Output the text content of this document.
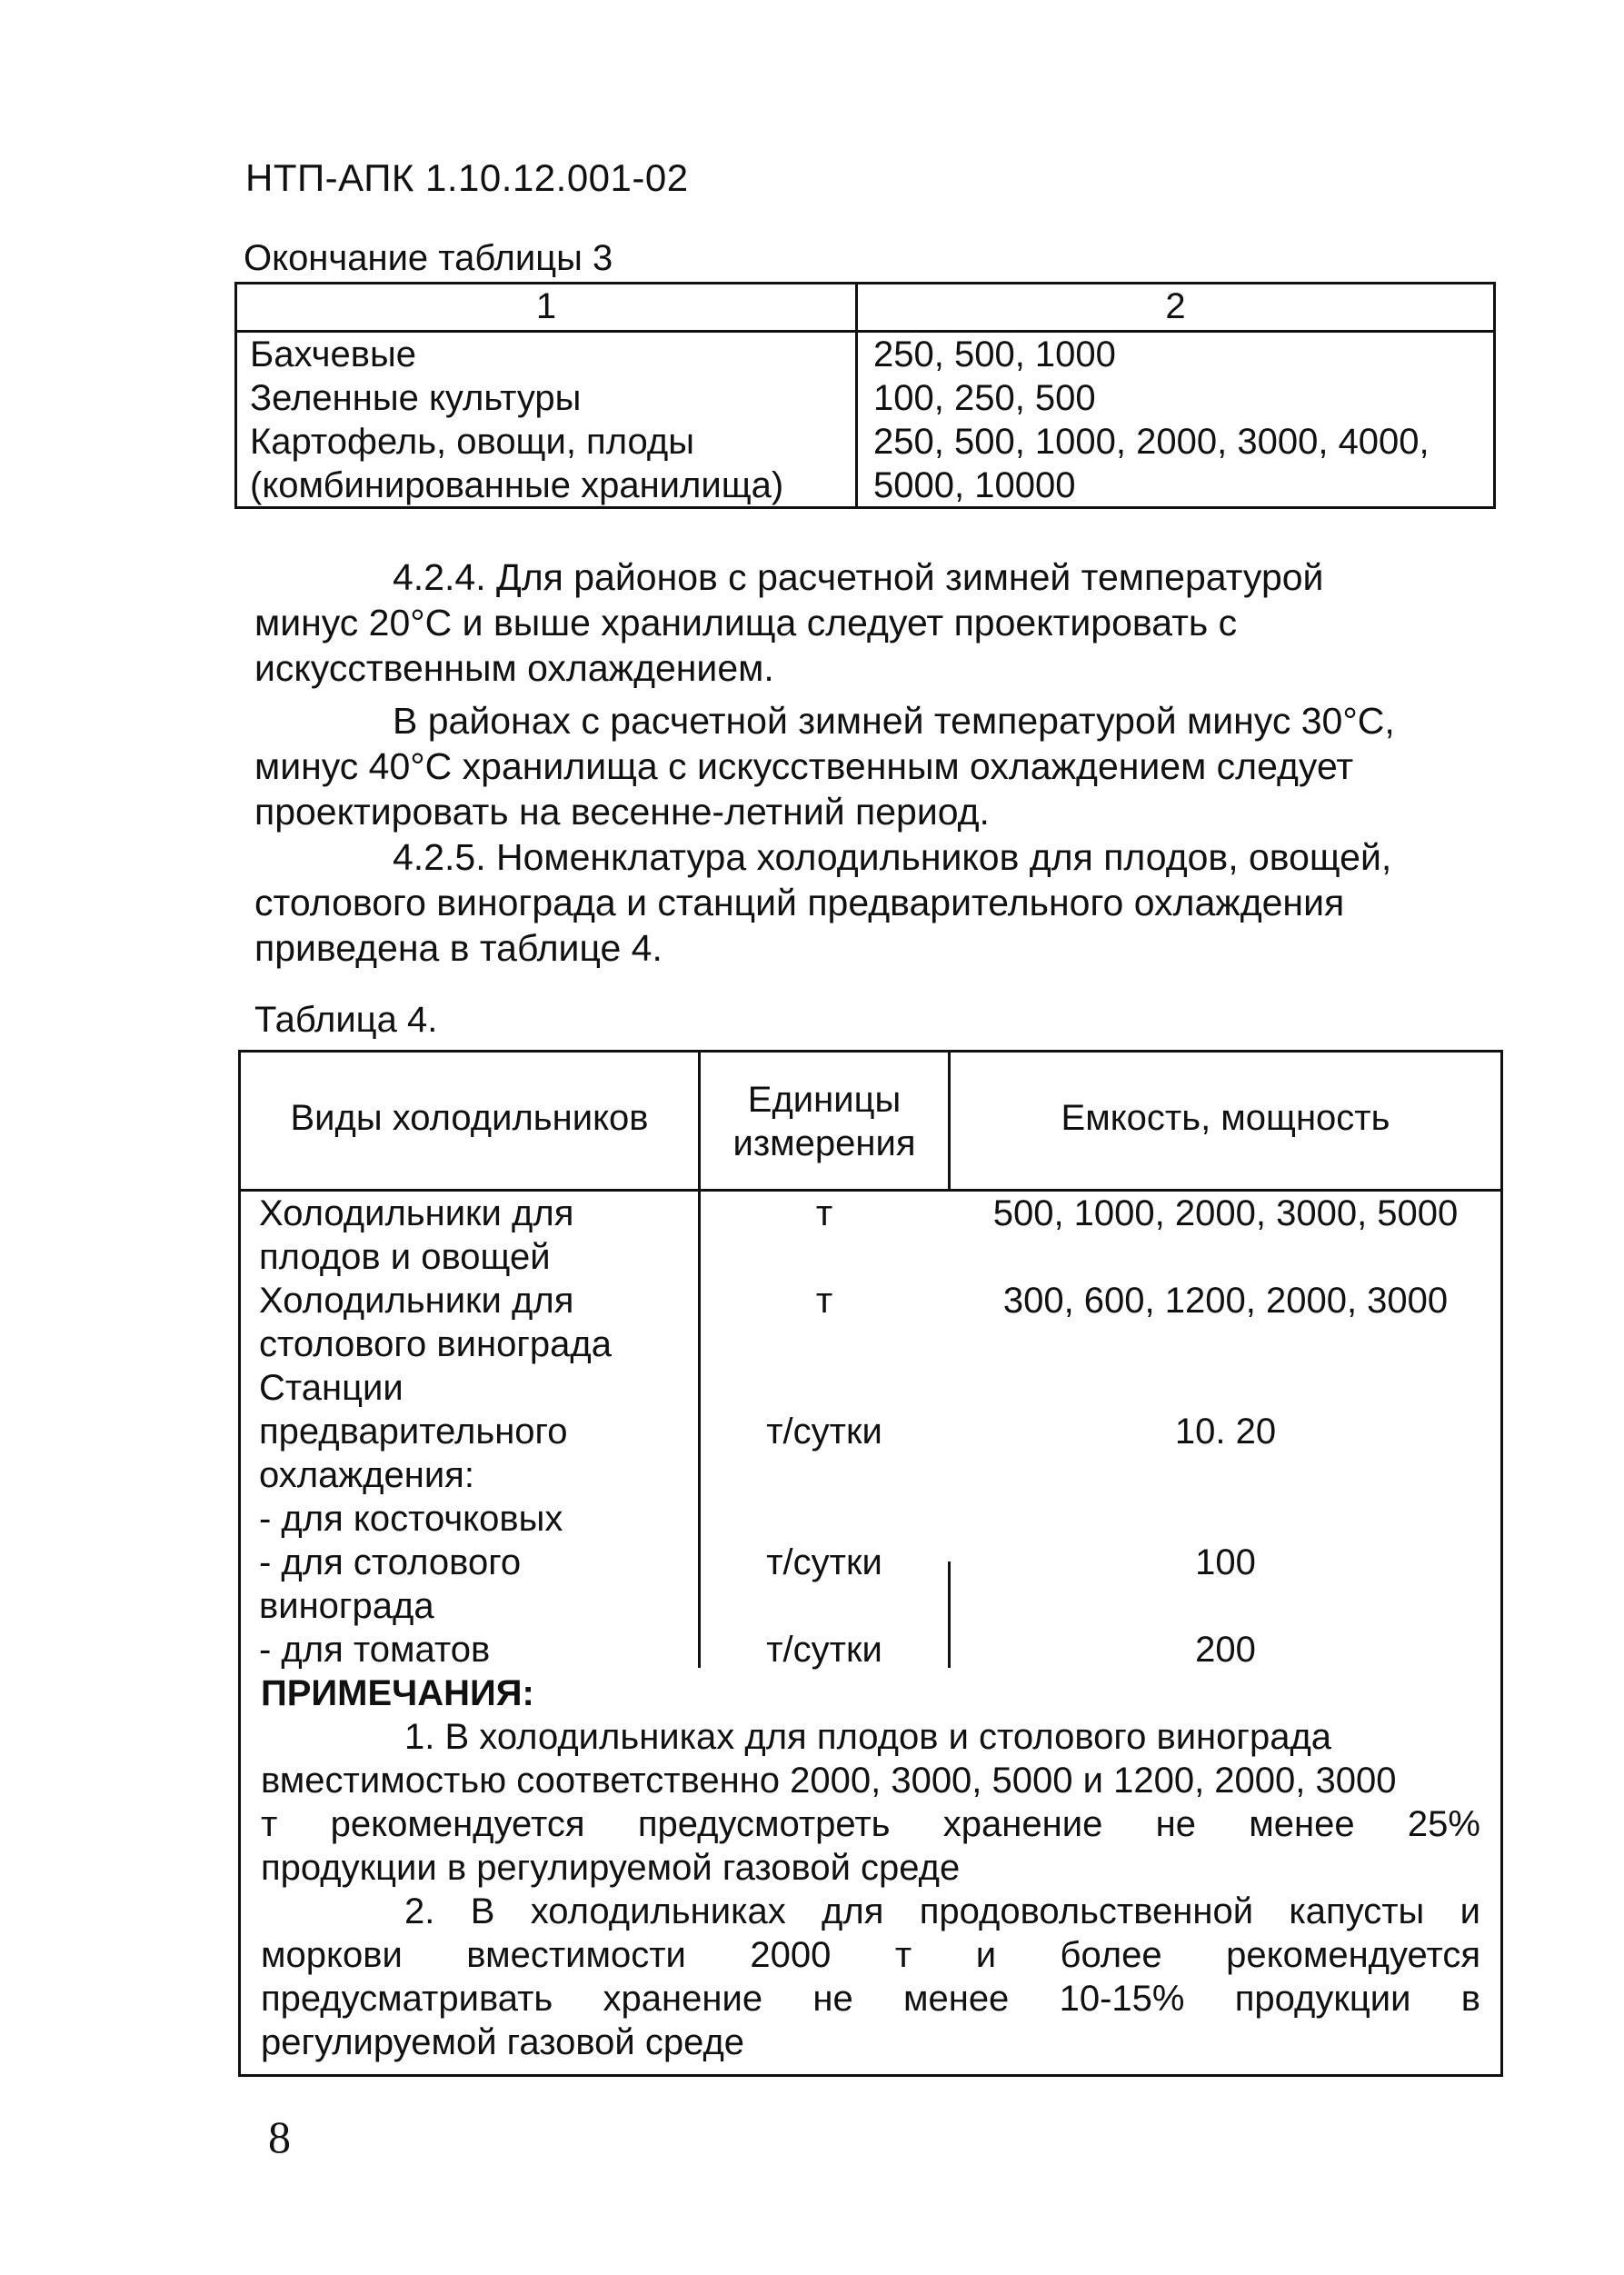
НТП-АПК 1.10.12.001-02
Окончание таблицы 3
1	2
Бахчевые
Зеленные культуры
Картофель, овощи, плоды
(комбинированные хранилища)
250, 500, 1000
100, 250, 500
250, 500, 1000, 2000, 3000, 4000,
5000, 10000
4.2.4. Для районов с расчетной зимней температурой
минус 20°С и выше хранилища следует проектировать с
искусственным охлаждением.
В районах с расчетной зимней температурой минус 30°С,
минус 40°С хранилища с искусственным охлаждением следует
проектировать на весенне-летний период.
4.2.5. Номенклатура холодильников для плодов, овощей,
столового винограда и станций предварительного охлаждения
приведена в таблице 4.
Таблица 4.
Виды холодильников	Единицы
измерения
Емкость, мощность
Холодильники для
плодов и овощей
Холодильники для
столового винограда
Станции
предварительного
охлаждения:
- для косточковых
- для столового
винограда
- для томатов
т
т
т/сутки
т/сутки
т/сутки
500, 1000, 2000, 3000, 5000
300, 600, 1200, 2000, 3000
10. 20
100
200
ПРИМЕЧАНИЯ:
1. В холодильниках для плодов и столового винограда
вместимостью соответственно 2000, 3000, 5000 и 1200, 2000, 3000
т рекомендуется предусмотреть хранение не менее 25%
продукции в регулируемой газовой среде
2. В холодильниках для продовольственной капусты и
моркови вместимости 2000 т и более рекомендуется
предусматривать хранение не менее 10-15% продукции в
регулируемой газовой среде
8
